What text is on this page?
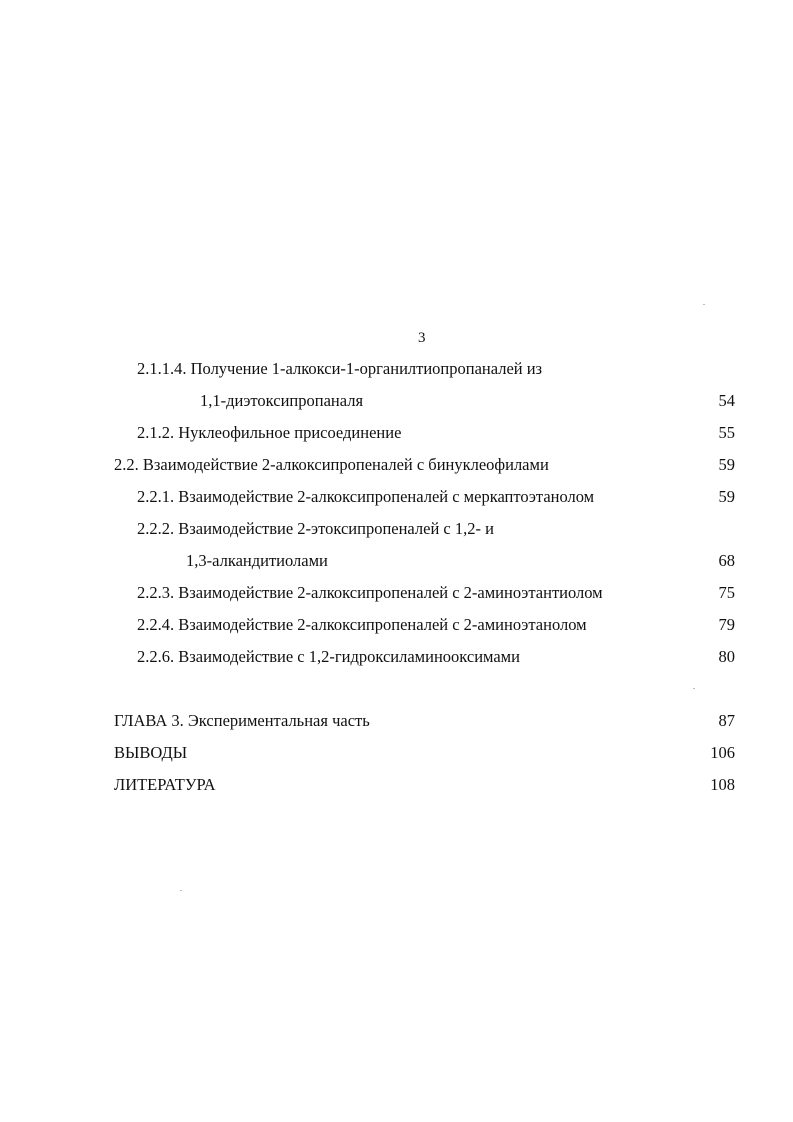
3
2.1.1.4. Получение 1-алкокси-1-органилтиопропаналей из
1,1-диэтоксипропаналя	54
2.1.2. Нуклеофильное присоединение	55
2.2. Взаимодействие 2-алкоксипропеналей с бинуклеофилами	59
2.2.1. Взаимодействие 2-алкоксипропеналей с меркаптоэтанолом	59
2.2.2. Взаимодействие 2-этоксипропеналей с 1,2- и
1,3-алкандитиолами	68
2.2.3. Взаимодействие 2-алкоксипропеналей с 2-аминоэтантиолом	75
2.2.4. Взаимодействие 2-алкоксипропеналей с 2-аминоэтанолом	79
2.2.6. Взаимодействие с 1,2-гидроксиламинооксимами	80
ГЛАВА 3. Экспериментальная часть	87
ВЫВОДЫ	106
ЛИТЕРАТУРА	108
